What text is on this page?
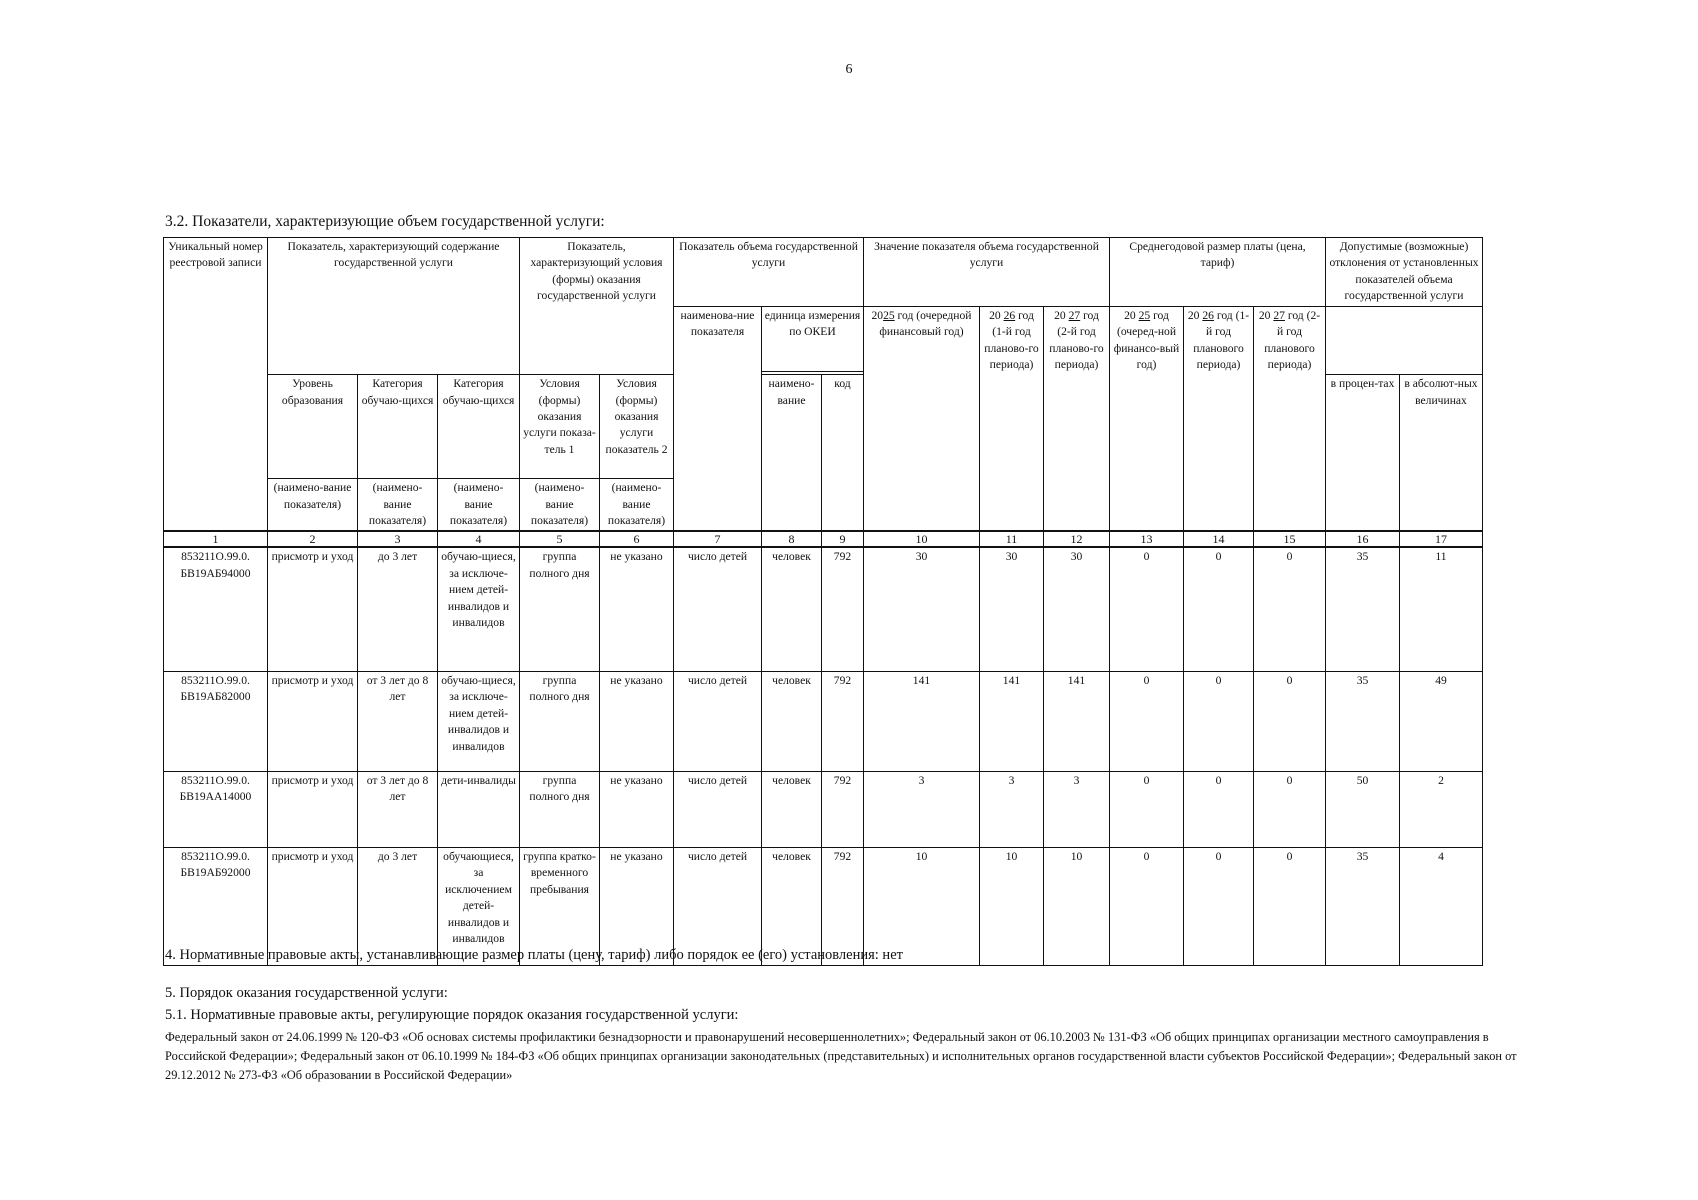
6
3.2. Показатели, характеризующие объем государственной услуги:
Уникальный номер реестровой записи	Показатель, характеризующий содержание государственной услуги			Показатель, характеризующий условия (формы) оказания государственной услуги		Показатель объема государственной услуги			Значение показателя объема государственной услуги			Среднегодовой размер платы (цена, тариф)			Допустимые (возможные) отклонения от установленных показателей объема государственной услуги	
						наименова-ние показателя	единица измерения по ОКЕИ		2025 год (очередной финансовый год)	20 26 год (1-й год планово-го периода)	20 27 год (2-й год планово-го периода)	20 25 год (очеред-ной финансо-вый год)	20 26 год (1-й год планового периода)	20 27 год (2-й год планового периода)		

	Уровень образования	Категория обучаю-щихся	Категория обучаю-щихся	Условия (формы) оказания услуги показа-тель 1	Условия (формы) оказания услуги показатель 2		наимено-вание	код							в процен-тах	в абсолют-ных величинах
	(наимено-вание показателя)	(наимено-вание показателя)	(наимено-вание показателя)	(наимено-вание показателя)	(наимено-вание показателя)											
1	2	3	4	5	6	7	8	9	10	11	12	13	14	15	16	17
853211О.99.0. БВ19АБ94000	присмотр и уход	до 3 лет	обучаю-щиеся, за исключе-нием детей-инвалидов и инвалидов	группа полного дня	не указано	число детей	человек	792	30	30	30	0	0	0	35	11
853211О.99.0. БВ19АБ82000	присмотр и уход	от 3 лет до 8 лет	обучаю-щиеся, за исключе-нием детей-инвалидов и инвалидов	группа полного дня	не указано	число детей	человек	792	141	141	141	0	0	0	35	49
853211О.99.0. БВ19АА14000	присмотр и уход	от 3 лет до 8 лет	дети-инвалиды	группа полного дня	не указано	число детей	человек	792	3	3	3	0	0	0	50	2
853211О.99.0. БВ19АБ92000	присмотр и уход	до 3 лет	обучающиеся, за исключением детей-инвалидов и инвалидов	группа кратко-временного пребывания	не указано	число детей	человек	792	10	10	10	0	0	0	35	4
4. Нормативные правовые акты, устанавливающие размер платы (цену, тариф) либо порядок ее (его) установления: нет
5. Порядок оказания государственной услуги:
5.1. Нормативные правовые акты, регулирующие порядок оказания государственной услуги:
Федеральный закон от 24.06.1999 № 120-ФЗ «Об основах системы профилактики безнадзорности и правонарушений несовершеннолетних»; Федеральный закон от 06.10.2003 № 131-ФЗ «Об общих принципах организации местного самоуправления в Российской Федерации»; Федеральный закон от 06.10.1999 № 184-ФЗ «Об общих принципах организации законодательных (представительных) и исполнительных органов государственной власти субъектов Российской Федерации»; Федеральный закон от 29.12.2012 № 273-ФЗ «Об образовании в Российской Федерации»
